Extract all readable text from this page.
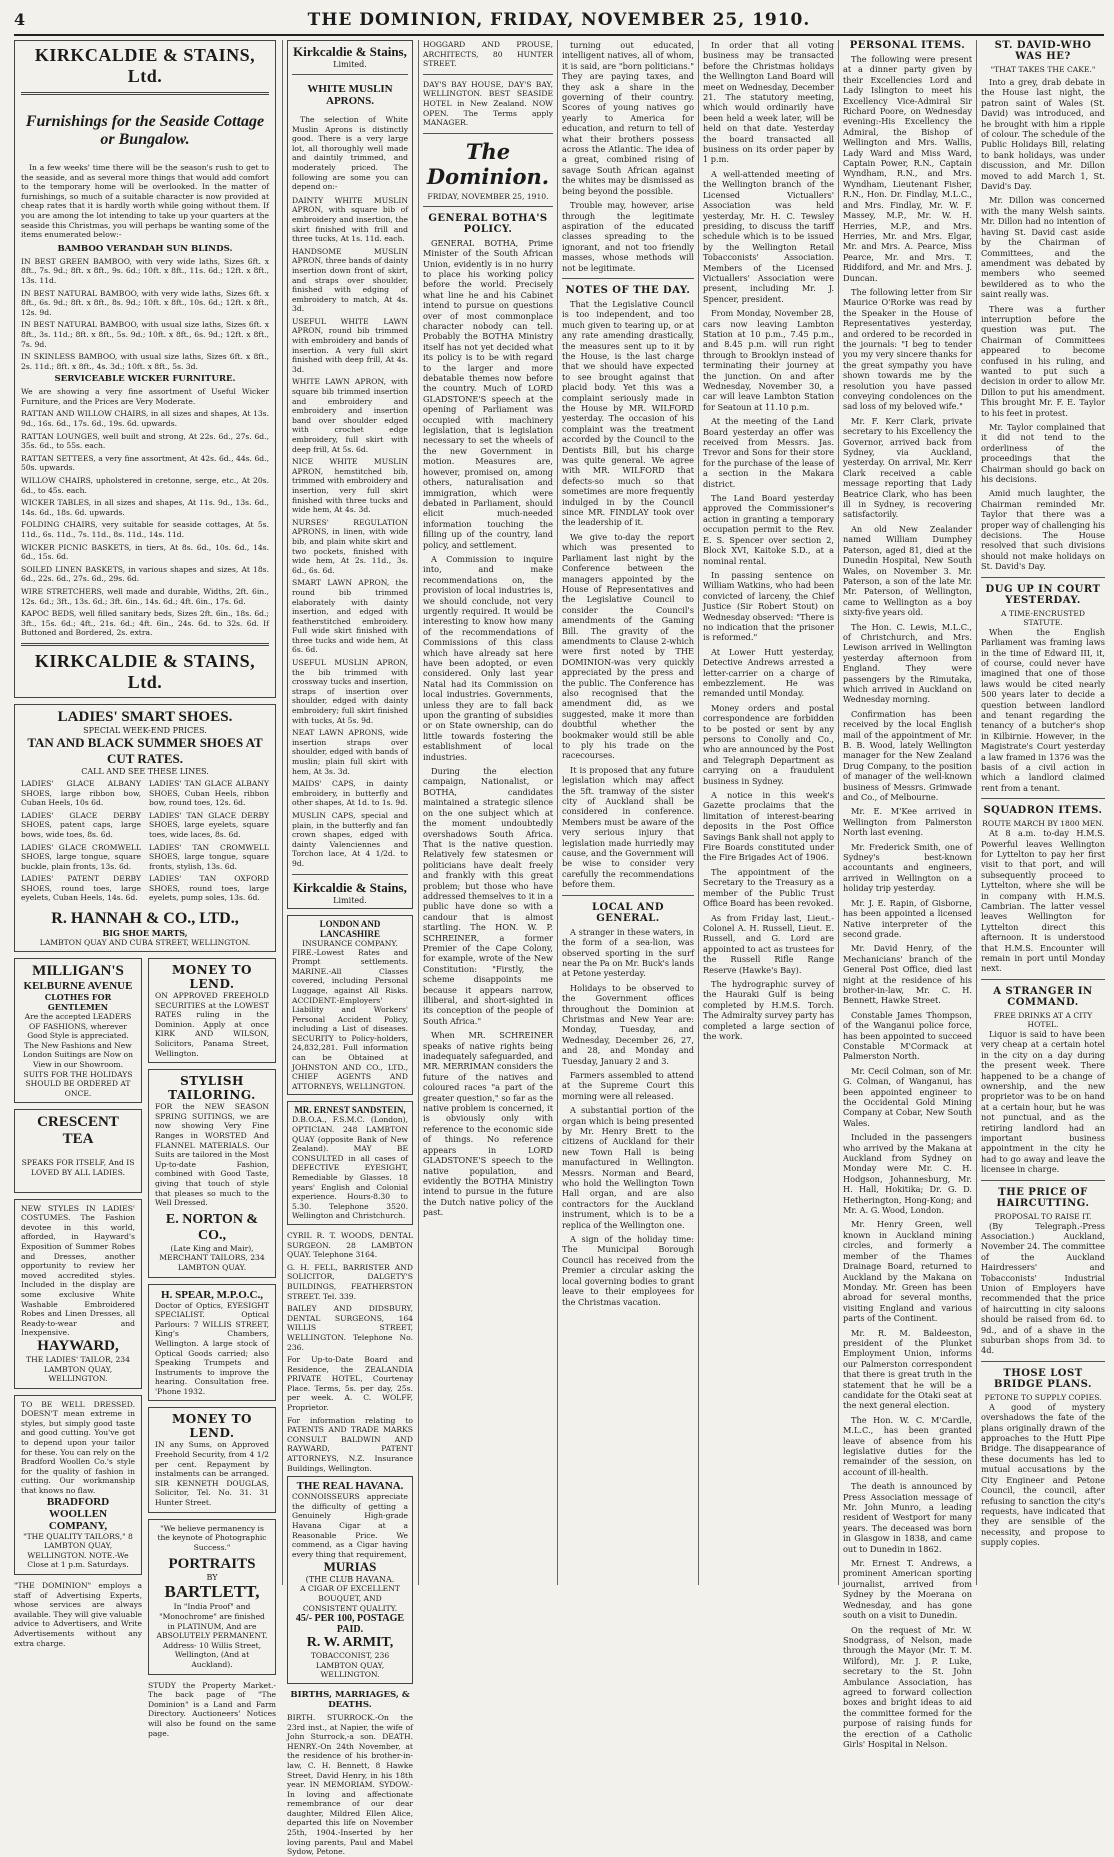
4	THE DOMINION, FRIDAY, NOVEMBER 25, 1910.
KIRKCALDIE & STAINS, Ltd.
Furnishings for the Seaside Cottage or Bungalow.
In a few weeks' time there will be the season's rush to get to the seaside, and as several more things that would add comfort to the temporary home will be overlooked. In the matter of furnishings, so much of a suitable character is now provided at cheap rates that it is hardly worth while going without them. If you are among the lot intending to take up your quarters at the seaside this Christmas, you will perhaps be wanting some of the items enumerated below:-
BAMBOO VERANDAH SUN BLINDS.
IN BEST GREEN BAMBOO, with very wide laths, Sizes 6ft. x 8ft., 7s. 9d.; 8ft. x 8ft., 9s. 6d.; 10ft. x 8ft., 11s. 6d.; 12ft. x 8ft., 13s. 11d.
IN BEST NATURAL BAMBOO, with very wide laths, Sizes 6ft. x 8ft., 6s. 9d.; 8ft. x 8ft., 8s. 9d.; 10ft. x 8ft., 10s. 6d.; 12ft. x 8ft., 12s. 9d.
IN BEST NATURAL BAMBOO, with usual size laths, Sizes 6ft. x 8ft., 3s. 11d.; 8ft. x 8ft., 5s. 9d.; 10ft. x 8ft., 6s. 9d.; 12ft. x 8ft., 7s. 9d.
IN SKINLESS BAMBOO, with usual size laths, Sizes 6ft. x 8ft., 2s. 11d.; 8ft. x 8ft., 4s. 3d.; 10ft. x 8ft., 5s. 3d.
SERVICEABLE WICKER FURNITURE.
We are showing a very fine assortment of Useful Wicker Furniture, and the Prices are Very Moderate.
RATTAN AND WILLOW CHAIRS, in all sizes and shapes, At 13s. 9d., 16s. 6d., 17s. 6d., 19s. 6d. upwards.
RATTAN LOUNGES, well built and strong, At 22s. 6d., 27s. 6d., 35s. 6d., to 55s. each.
RATTAN SETTEES, a very fine assortment, At 42s. 6d., 44s. 6d., 50s. upwards.
WILLOW CHAIRS, upholstered in cretonne, serge, etc., At 20s. 6d., to 45s. each.
WICKER TABLES, in all sizes and shapes, At 11s. 9d., 13s. 6d., 14s. 6d., 18s. 6d. upwards.
FOLDING CHAIRS, very suitable for seaside cottages, At 5s. 11d., 6s. 11d., 7s. 11d., 8s. 11d., 14s. 11d.
WICKER PICNIC BASKETS, in tiers, At 8s. 6d., 10s. 6d., 14s. 6d., 15s. 6d.
SOILED LINEN BASKETS, in various shapes and sizes, At 18s. 6d., 22s. 6d., 27s. 6d., 29s. 6d.
WIRE STRETCHERS, well made and durable, Widths, 2ft. 6in., 12s. 6d.; 3ft., 13s. 6d.; 3ft. 6in., 14s. 6d.; 4ft. 6in., 17s. 6d.
KAPOC BEDS, well filled sanitary beds, Sizes 2ft. 6in., 18s. 6d.; 3ft., 15s. 6d.; 4ft., 21s. 6d.; 4ft. 6in., 24s. 6d. to 32s. 6d. If Buttoned and Bordered, 2s. extra.
KIRKCALDIE & STAINS, Ltd.
LADIES' SMART SHOES.
SPECIAL WEEK-END PRICES.
TAN AND BLACK SUMMER SHOES AT CUT RATES.
CALL AND SEE THESE LINES.
LADIES' GLACE ALBANY SHOES, large ribbon bow, Cuban Heels, 10s 6d.
LADIES' GLACE DERBY SHOES, patent caps, large bows, wide toes, 8s. 6d.
LADIES' GLACE CROMWELL SHOES, large tongue, square buckle, plain fronts, 13s. 6d.
LADIES' PATENT DERBY SHOES, round toes, large eyelets, Cuban Heels, 14s. 6d.
LADIES' TAN GLACE ALBANY SHOES, Cuban Heels, ribbon bow, round toes, 12s. 6d.
LADIES' TAN GLACE DERBY SHOES, large eyelets, square toes, wide laces, 8s. 6d.
LADIES' TAN CROMWELL SHOES, large tongue, square fronts, stylish, 13s. 6d.
LADIES' TAN OXFORD SHOES, round toes, large eyelets, pump soles, 13s. 6d.
R. HANNAH & CO., LTD.,
BIG SHOE MARTS,
LAMBTON QUAY AND CUBA STREET, WELLINGTON.
MILLIGAN'S
KELBURNE AVENUE
CLOTHES FOR GENTLEMEN
Are the accepted LEADERS OF FASHIONS, wherever Good Style is appreciated. The New Fashions and New London Suitings are Now on View in our Showroom. SUITS FOR THE HOLIDAYS SHOULD BE ORDERED AT ONCE.
CRESCENT TEA
SPEAKS FOR ITSELF, And IS LOVED BY ALL LADIES.
NEW STYLES IN LADIES' COSTUMES. The Fashion devotee in this world, afforded, in Hayward's Exposition of Summer Robes and Dresses, another opportunity to review her moved accredited styles. Included in the display are some exclusive White Washable Embroidered Robes and Linen Dresses, all Ready-to-wear and Inexpensive.
HAYWARD,
THE LADIES' TAILOR, 234 LAMBTON QUAY, WELLINGTON.
TO BE WELL DRESSED. DOESN'T mean extreme in styles, but simply good taste and good cutting. You've got to depend upon your tailor for these. You can rely on the Bradford Woollen Co.'s style for the quality of fashion in cutting. Our workmanship that knows no flaw.
BRADFORD WOOLLEN COMPANY,
"THE QUALITY TAILORS," 8 LAMBTON QUAY, WELLINGTON. NOTE.-We Close at 1 p.m. Saturdays.
"THE DOMINION" employs a staff of Advertising Experts, whose services are always available. They will give valuable advice to Advertisers, and Write Advertisements without any extra charge.
MONEY TO LEND.
ON APPROVED FREEHOLD SECURITIES at the LOWEST RATES ruling in the Dominion. Apply at once KIRK AND WILSON, Solicitors, Panama Street, Wellington.
STYLISH TAILORING.
FOR the NEW SEASON SPRING SUITINGS, we are now showing Very Fine Ranges in WORSTED And FLANNEL MATERIALS. Our Suits are tailored in the Most Up-to-date Fashion, combined with Good Taste, giving that touch of style that pleases so much to the Well Dressed.
E. NORTON & CO.,
(Late King and Mair), MERCHANT TAILORS, 234 LAMBTON QUAY.
H. SPEAR, M.P.O.C.,
Doctor of Optics, EYESIGHT SPECIALIST. Optical Parlours: 7 WILLIS STREET, King's Chambers, Wellington. A large stock of Optical Goods carried; also Speaking Trumpets and Instruments to improve the hearing. Consultation free. 'Phone 1932.
MONEY TO LEND.
IN any Sums, on Approved Freehold Security, from 4 1/2 per cent. Repayment by instalments can be arranged. SIR KENNETH DOUGLAS, Solicitor, Tel. No. 31. 31 Hunter Street.
"We believe permanency is the keynote of Photographic Success."
PORTRAITS
BY
BARTLETT,
In "India Proof" and "Monochrome" are finished in PLATINUM, And are ABSOLUTELY PERMANENT. Address- 10 Willis Street, Wellington, (And at Auckland).
STUDY the Property Market.-The back page of "The Dominion" is a Land and Farm Directory. Auctioneers' Notices will also be found on the same page.
Kirkcaldie & Stains,
Limited.
WHITE MUSLIN APRONS.
The selection of White Muslin Aprons is distinctly good. There is a very large lot, all thoroughly well made and daintily trimmed, and moderately priced. The following are some you can depend on:-
DAINTY WHITE MUSLIN APRON, with square bib of embroidery and insertion, the skirt finished with frill and three tucks, At 1s. 11d. each.
HANDSOME MUSLIN APRON, three bands of dainty insertion down front of skirt, and straps over shoulder, finished with edging of embroidery to match, At 4s. 3d.
USEFUL WHITE LAWN APRON, round bib trimmed with embroidery and bands of insertion. A very full skirt finished with deep frill, At 4s. 3d.
WHITE LAWN APRON, with square bib trimmed insertion and embroidery and embroidery and insertion band over shoulder edged with crochet edge embroidery, full skirt with deep frill, At 5s. 6d.
NICE WHITE MUSLIN APRON, hemstitched bib, trimmed with embroidery and insertion, very full skirt finished with three tucks and wide hem, At 4s. 3d.
NURSES' REGULATION APRONS, in linen, with wide bib, and plain white skirt and two pockets, finished with wide hem, At 2s. 11d., 3s. 6d., 6s. 6d.
SMART LAWN APRON, the round bib trimmed elaborately with dainty insertion, and edged with featherstitched embroidery. Full wide skirt finished with three tucks and wide hem, At 6s. 6d.
USEFUL MUSLIN APRON, the bib trimmed with crossway tucks and insertion, straps of insertion over shoulder, edged with dainty embroidery; full skirt finished with tucks, At 5s. 9d.
NEAT LAWN APRONS, wide insertion straps over shoulder, edged with bands of muslin; plain full skirt with hem, At 3s. 3d.
MAIDS' CAPS, in dainty embroidery, in butterfly and other shapes, At 1d. to 1s. 9d.
MUSLIN CAPS, special and plain, in the butterfly and fan crown shapes, edged with dainty Valenciennes and Torchon lace, At 4 1/2d. to 9d.
Kirkcaldie & Stains,
Limited.
LONDON AND LANCASHIRE
INSURANCE COMPANY.
FIRE.-Lowest Rates and Prompt settlements. MARINE.-All Classes covered, including Personal Luggage, against All Risks. ACCIDENT.-Employers' Liability and Workers' Personal Accident Policy, including a List of diseases. SECURITY to Policy-holders, 24,832,281. Full information can be Obtained at JOHNSTON AND CO., LTD., CHIEF AGENTS AND ATTORNEYS, WELLINGTON.
MR. ERNEST SANDSTEIN,
D.B.O.A., F.S.M.C. (London), OPTICIAN. 248 LAMBTON QUAY (opposite Bank of New Zealand). MAY BE CONSULTED in all cases of DEFECTIVE EYESIGHT, Remediable by Glasses. 18 years' English and Colonial experience. Hours-8.30 to 5.30. Telephone 3520. Wellington and Christchurch.
CYRIL R. T. WOODS, DENTAL SURGEON. 28 LAMBTON QUAY. Telephone 3164.
G. H. FELL, BARRISTER AND SOLICITOR, DALGETY'S BUILDINGS, FEATHERSTON STREET. Tel. 339.
BAILEY AND DIDSBURY, DENTAL SURGEONS, 164 WILLIS STREET, WELLINGTON. Telephone No. 236.
For Up-to-Date Board and Residence, the ZEALANDIA PRIVATE HOTEL, Courtenay Place. Terms, 5s. per day, 25s. per week. A. C. WOLFF, Proprietor.
For information relating to PATENTS AND TRADE MARKS CONSULT BALDWIN AND RAYWARD, PATENT ATTORNEYS, N.Z. Insurance Buildings, Wellington.
THE REAL HAVANA.
CONNOISSEURS appreciate the difficulty of getting a Genuinely High-grade Havana Cigar at a Reasonable Price. We commend, as a Cigar having every thing that requirement,
MURIAS
(THE CLUB HAVANA.
A CIGAR OF EXCELLENT BOUQUET, AND CONSISTENT QUALITY.
45/- PER 100, POSTAGE PAID.
R. W. ARMIT,
TOBACCONIST, 236 LAMBTON QUAY, WELLINGTON.
BIRTHS, MARRIAGES, & DEATHS.
BIRTH. STURROCK.-On the 23rd inst., at Napier, the wife of John Sturrock,-a son. DEATH. HENRY.-On 24th November, at the residence of his brother-in-law, C. H. Bennett, 8 Hawke Street, David Henry, in his 18th year. IN MEMORIAM. SYDOW.-In loving and affectionate remembrance of our dear daughter, Mildred Ellen Alice, departed this life on November 25th, 1904.-Inserted by her loving parents, Paul and Mabel Sydow, Petone.
HOGGARD AND PROUSE, ARCHITECTS, 80 HUNTER STREET.
DAY'S BAY HOUSE, DAY'S BAY, WELLINGTON. BEST SEASIDE HOTEL in New Zealand. NOW OPEN. The Terms apply MANAGER.
The Dominion.
FRIDAY, NOVEMBER 25, 1910.
GENERAL BOTHA'S POLICY.
GENERAL BOTHA, Prime Minister of the South African Union, evidently is in no hurry to place his working policy before the world. Precisely what line he and his Cabinet intend to pursue on questions over of most commonplace character nobody can tell. Probably the BOTHA Ministry itself has not yet decided what its policy is to be with regard to the larger and more debatable themes now before the country. Much of LORD GLADSTONE'S speech at the opening of Parliament was occupied with machinery legislation, that is legislation necessary to set the wheels of the new Government in motion. Measures are, however, promised on, among others, naturalisation and immigration, which were debated in Parliament, should elicit much-needed information touching the filling up of the country, land policy, and settlement.
A Commission to inquire into, and make recommendations on, the provision of local industries is, we should conclude, not very urgently required. It would be interesting to know how many of the recommendations of Commissions of this class which have already sat here have been adopted, or even considered. Only last year Natal had its Commission on local industries. Governments, unless they are to fall back upon the granting of subsidies or on State ownership, can do little towards fostering the establishment of local industries.
During the election campaign, Nationalist, or BOTHA, candidates maintained a strategic silence on the one subject which at the moment undoubtedly overshadows South Africa. That is the native question. Relatively few statesmen or politicians have dealt freely and frankly with this great problem; but those who have addressed themselves to it in a public have done so with a candour that is almost startling. The HON. W. P. SCHREINER, a former Premier of the Cape Colony, for example, wrote of the New Constitution: "Firstly, the scheme disappoints me because it appears narrow, illiberal, and short-sighted in its conception of the people of South Africa."
When MR. SCHREINER speaks of native rights being inadequately safeguarded, and MR. MERRIMAN considers the future of the natives and coloured races "a part of the greater question," so far as the native problem is concerned, it is obviously only with reference to the economic side of things. No reference appears in LORD GLADSTONE'S speech to the native population, and evidently the BOTHA Ministry intend to pursue in the future the Dutch native policy of the past.
turning out educated, intelligent natives, all of whom, it is said, are "born politicians." They are paying taxes, and they ask a share in the governing of their country. Scores of young natives go yearly to America for education, and return to tell of what their brothers possess across the Atlantic. The idea of a great, combined rising of savage South African against the whites may be dismissed as being beyond the possible.
Trouble may, however, arise through the legitimate aspiration of the educated classes spreading to the ignorant, and not too friendly masses, whose methods will not be legitimate.
NOTES OF THE DAY.
That the Legislative Council is too independent, and too much given to tearing up, or at any rate amending drastically, the measures sent up to it by the House, is the last charge that we should have expected to see brought against that placid body. Yet this was a complaint seriously made in the House by MR. WILFORD yesterday. The occasion of his complaint was the treatment accorded by the Council to the Dentists Bill, but his charge was quite general. We agree with MR. WILFORD that defects-so much so that sometimes are more frequently indulged in by the Council since MR. FINDLAY took over the leadership of it.
We give to-day the report which was presented to Parliament last night by the Conference between the managers appointed by the House of Representatives and the Legislative Council to consider the Council's amendments of the Gaming Bill. The gravity of the amendments to Clause 2-which were first noted by THE DOMINION-was very quickly appreciated by the press and the public. The Conference has also recognised that the amendment did, as we suggested, make it more than doubtful whether the bookmaker would still be able to ply his trade on the racecourses.
It is proposed that any future legislation which may affect the 5ft. tramway of the sister city of Auckland shall be considered in conference. Members must be aware of the very serious injury that legislation made hurriedly may cause, and the Government will be wise to consider very carefully the recommendations before them.
LOCAL AND GENERAL.
A stranger in these waters, in the form of a sea-lion, was observed sporting in the surf near the Pa on Mr. Buck's lands at Petone yesterday.
Holidays to be observed to the Government offices throughout the Dominion at Christmas and New Year are: Monday, Tuesday, and Wednesday, December 26, 27, and 28, and Monday and Tuesday, January 2 and 3.
Farmers assembled to attend at the Supreme Court this morning were all released.
A substantial portion of the organ which is being presented by Mr. Henry Brett to the citizens of Auckland for their new Town Hall is being manufactured in Wellington. Messrs. Norman and Beard, who hold the Wellington Town Hall organ, and are also contractors for the Auckland instrument, which is to be a replica of the Wellington one.
A sign of the holiday time: The Municipal Borough Council has received from the Premier a circular asking the local governing bodies to grant leave to their employees for the Christmas vacation.
In order that all voting business may be transacted before the Christmas holidays the Wellington Land Board will meet on Wednesday, December 21. The statutory meeting, which would ordinarily have been held a week later, will be held on that date. Yesterday the board transacted all business on its order paper by 1 p.m.
A well-attended meeting of the Wellington branch of the Licensed Victuallers' Association was held yesterday, Mr. H. C. Tewsley presiding, to discuss the tariff schedule which is to be issued by the Wellington Retail Tobacconists' Association. Members of the Licensed Victuallers' Association were present, including Mr. J. Spencer, president.
From Monday, November 28, cars now leaving Lambton Station at 10 p.m., 7.45 p.m., and 8.45 p.m. will run right through to Brooklyn instead of terminating their journey at the junction. On and after Wednesday, November 30, a car will leave Lambton Station for Seatoun at 11.10 p.m.
At the meeting of the Land Board yesterday an offer was received from Messrs. Jas. Trevor and Sons for their store for the purchase of the lease of a section in the Makara district.
The Land Board yesterday approved the Commissioner's action in granting a temporary occupation permit to the Rev. E. S. Spencer over section 2, Block XVI, Kaitoke S.D., at a nominal rental.
In passing sentence on William Watkins, who had been convicted of larceny, the Chief Justice (Sir Robert Stout) on Wednesday observed: "There is no indication that the prisoner is reformed."
At Lower Hutt yesterday, Detective Andrews arrested a letter-carrier on a charge of embezzlement. He was remanded until Monday.
Money orders and postal correspondence are forbidden to be posted or sent by any persons to Conolly and Co., who are announced by the Post and Telegraph Department as carrying on a fraudulent business in Sydney.
A notice in this week's Gazette proclaims that the limitation of interest-bearing deposits in the Post Office Savings Bank shall not apply to Fire Boards constituted under the Fire Brigades Act of 1906.
The appointment of the Secretary to the Treasury as a member of the Public Trust Office Board has been revoked.
As from Friday last, Lieut.-Colonel A. H. Russell, Lieut. E. Russell, and G. Lord are appointed to act as trustees for the Russell Rifle Range Reserve (Hawke's Bay).
The hydrographic survey of the Hauraki Gulf is being completed by H.M.S. Torch. The Admiralty survey party has completed a large section of the work.
PERSONAL ITEMS.
The following were present at a dinner party given by their Excellencies Lord and Lady Islington to meet his Excellency Vice-Admiral Sir Richard Poore, on Wednesday evening:-His Excellency the Admiral, the Bishop of Wellington and Mrs. Wallis, Lady Ward and Miss Ward, Captain Power, R.N., Captain Wyndham, R.N., and Mrs. Wyndham, Lieutenant Fisher, R.N., Hon. Dr. Findlay, M.L.C., and Mrs. Findlay, Mr. W. F. Massey, M.P., Mr. W. H. Herries, M.P., and Mrs. Herries, Mr. and Mrs. Elgar, Mr. and Mrs. A. Pearce, Miss Pearce, Mr. and Mrs. T. Riddiford, and Mr. and Mrs. J. Duncan.
The following letter from Sir Maurice O'Rorke was read by the Speaker in the House of Representatives yesterday, and ordered to be recorded in the journals: "I beg to tender you my very sincere thanks for the great sympathy you have shown towards me by the resolution you have passed conveying condolences on the sad loss of my beloved wife."
Mr. F. Kerr Clark, private secretary to his Excellency the Governor, arrived back from Sydney, via Auckland, yesterday. On arrival, Mr. Kerr Clark received a cable message reporting that Lady Beatrice Clark, who has been ill in Sydney, is recovering satisfactorily.
An old New Zealander named William Dumphey Paterson, aged 81, died at the Dunedin Hospital, New South Wales, on November 3. Mr. Paterson, a son of the late Mr. Mr. Paterson, of Wellington, came to Wellington as a boy sixty-five years old.
The Hon. C. Lewis, M.L.C., of Christchurch, and Mrs. Lewison arrived in Wellington yesterday afternoon from England. They were passengers by the Rimutaka, which arrived in Auckland on Wednesday morning.
Confirmation has been received by the local English mail of the appointment of Mr. B. B. Wood, lately Wellington manager for the New Zealand Drug Company, to the position of manager of the well-known business of Messrs. Grimwade and Co., of Melbourne.
Mr. E. M'Kee arrived in Wellington from Palmerston North last evening.
Mr. Frederick Smith, one of Sydney's best-known accountants and engineers, arrived in Wellington on a holiday trip yesterday.
Mr. J. E. Rapin, of Gisborne, has been appointed a licensed Native interpreter of the second grade.
Mr. David Henry, of the Mechanicians' branch of the General Post Office, died last night at the residence of his brother-in-law, Mr. C. H. Bennett, Hawke Street.
Constable James Thompson, of the Wanganui police force, has been appointed to succeed Constable M'Cormack at Palmerston North.
Mr. Cecil Colman, son of Mr. G. Colman, of Wanganui, has been appointed engineer to the Occidental Gold Mining Company at Cobar, New South Wales.
Included in the passengers who arrived by the Makana at Auckland from Sydney on Monday were Mr. C. H. Hodgson, Johannesburg, Mr. H. Hall, Hokitika; Dr. G. D. Hetherington, Hong-Kong; and Mr. A. G. Wood, London.
Mr. Henry Green, well known in Auckland mining circles, and formerly a member of the Thames Drainage Board, returned to Auckland by the Makana on Monday. Mr. Green has been abroad for several months, visiting England and various parts of the Continent.
Mr. R. M. Baldeeston, president of the Plunket Employment Union, informs our Palmerston correspondent that there is great truth in the statement that he will be a candidate for the Otaki seat at the next general election.
The Hon. W. C. M'Cardle, M.L.C., has been granted leave of absence from his legislative duties for the remainder of the session, on account of ill-health.
The death is announced by Press Association message of Mr. John Munro, a leading resident of Westport for many years. The deceased was born in Glasgow in 1838, and came out to Dunedin in 1862.
Mr. Ernest T. Andrews, a prominent American sporting journalist, arrived from Sydney by the Moerana on Wednesday, and has gone south on a visit to Dunedin.
On the request of Mr. W. Snodgrass, of Nelson, made through the Mayor (Mr. T. M. Wilford), Mr. J. P. Luke, secretary to the St. John Ambulance Association, has agreed to forward collection boxes and bright ideas to aid the committee formed for the purpose of raising funds for the erection of a Catholic Girls' Hospital in Nelson.
ST. DAVID-WHO WAS HE?
"THAT TAKES THE CAKE."
Into a grey, drab debate in the House last night, the patron saint of Wales (St. David) was introduced, and he brought with him a ripple of colour. The schedule of the Public Holidays Bill, relating to bank holidays, was under discussion, and Mr. Dillon moved to add March 1, St. David's Day.
Mr. Dillon was concerned with the many Welsh saints. Mr. Dillon had no intention of having St. David cast aside by the Chairman of Committees, and the amendment was debated by members who seemed bewildered as to who the saint really was.
There was a further interruption before the question was put. The Chairman of Committees appeared to become confused in his ruling, and wanted to put such a decision in order to allow Mr. Dillon to put his amendment. This brought Mr. F. E. Taylor to his feet in protest.
Mr. Taylor complained that it did not tend to the orderliness of the proceedings that the Chairman should go back on his decisions.
Amid much laughter, the Chairman reminded Mr. Taylor that there was a proper way of challenging his decisions. The House resolved that such divisions should not make holidays on St. David's Day.
DUG UP IN COURT YESTERDAY.
A TIME-ENCRUSTED STATUTE.
When the English Parliament was framing laws in the time of Edward III, it, of course, could never have imagined that one of those laws would be cited nearly 500 years later to decide a question between landlord and tenant regarding the tenancy of a butcher's shop in Kilbirnie. However, in the Magistrate's Court yesterday a law framed in 1376 was the basis of a civil action in which a landlord claimed rent from a tenant.
SQUADRON ITEMS.
ROUTE MARCH BY 1800 MEN.
At 8 a.m. to-day H.M.S. Powerful leaves Wellington for Lyttelton to pay her first visit to that port, and will subsequently proceed to Lyttelton, where she will be in company with H.M.S. Cambrian. The latter vessel leaves Wellington for Lyttelton direct this afternoon. It is understood that H.M.S. Encounter will remain in port until Monday next.
A STRANGER IN COMMAND.
FREE DRINKS AT A CITY HOTEL.
Liquor is said to have been very cheap at a certain hotel in the city on a day during the present week. There happened to be a change of ownership, and the new proprietor was to be on hand at a certain hour, but he was not punctual, and as the retiring landlord had an important business appointment in the city he had to go away and leave the licensee in charge.
THE PRICE OF HAIRCUTTING.
PROPOSAL TO RAISE IT.
(By Telegraph.-Press Association.) Auckland, November 24. The committee of the Auckland Hairdressers' and Tobacconists' Industrial Union of Employers have recommended that the price of haircutting in city saloons should be raised from 6d. to 9d., and of a shave in the suburban shops from 3d. to 4d.
THOSE LOST BRIDGE PLANS.
PETONE TO SUPPLY COPIES.
A good of mystery overshadows the fate of the plans originally drawn of the approaches to the Hutt Pipe Bridge. The disappearance of these documents has led to mutual accusations by the City Engineer and Petone Council, the council, after refusing to sanction the city's requests, have indicated that they are sensible of the necessity, and propose to supply copies.
